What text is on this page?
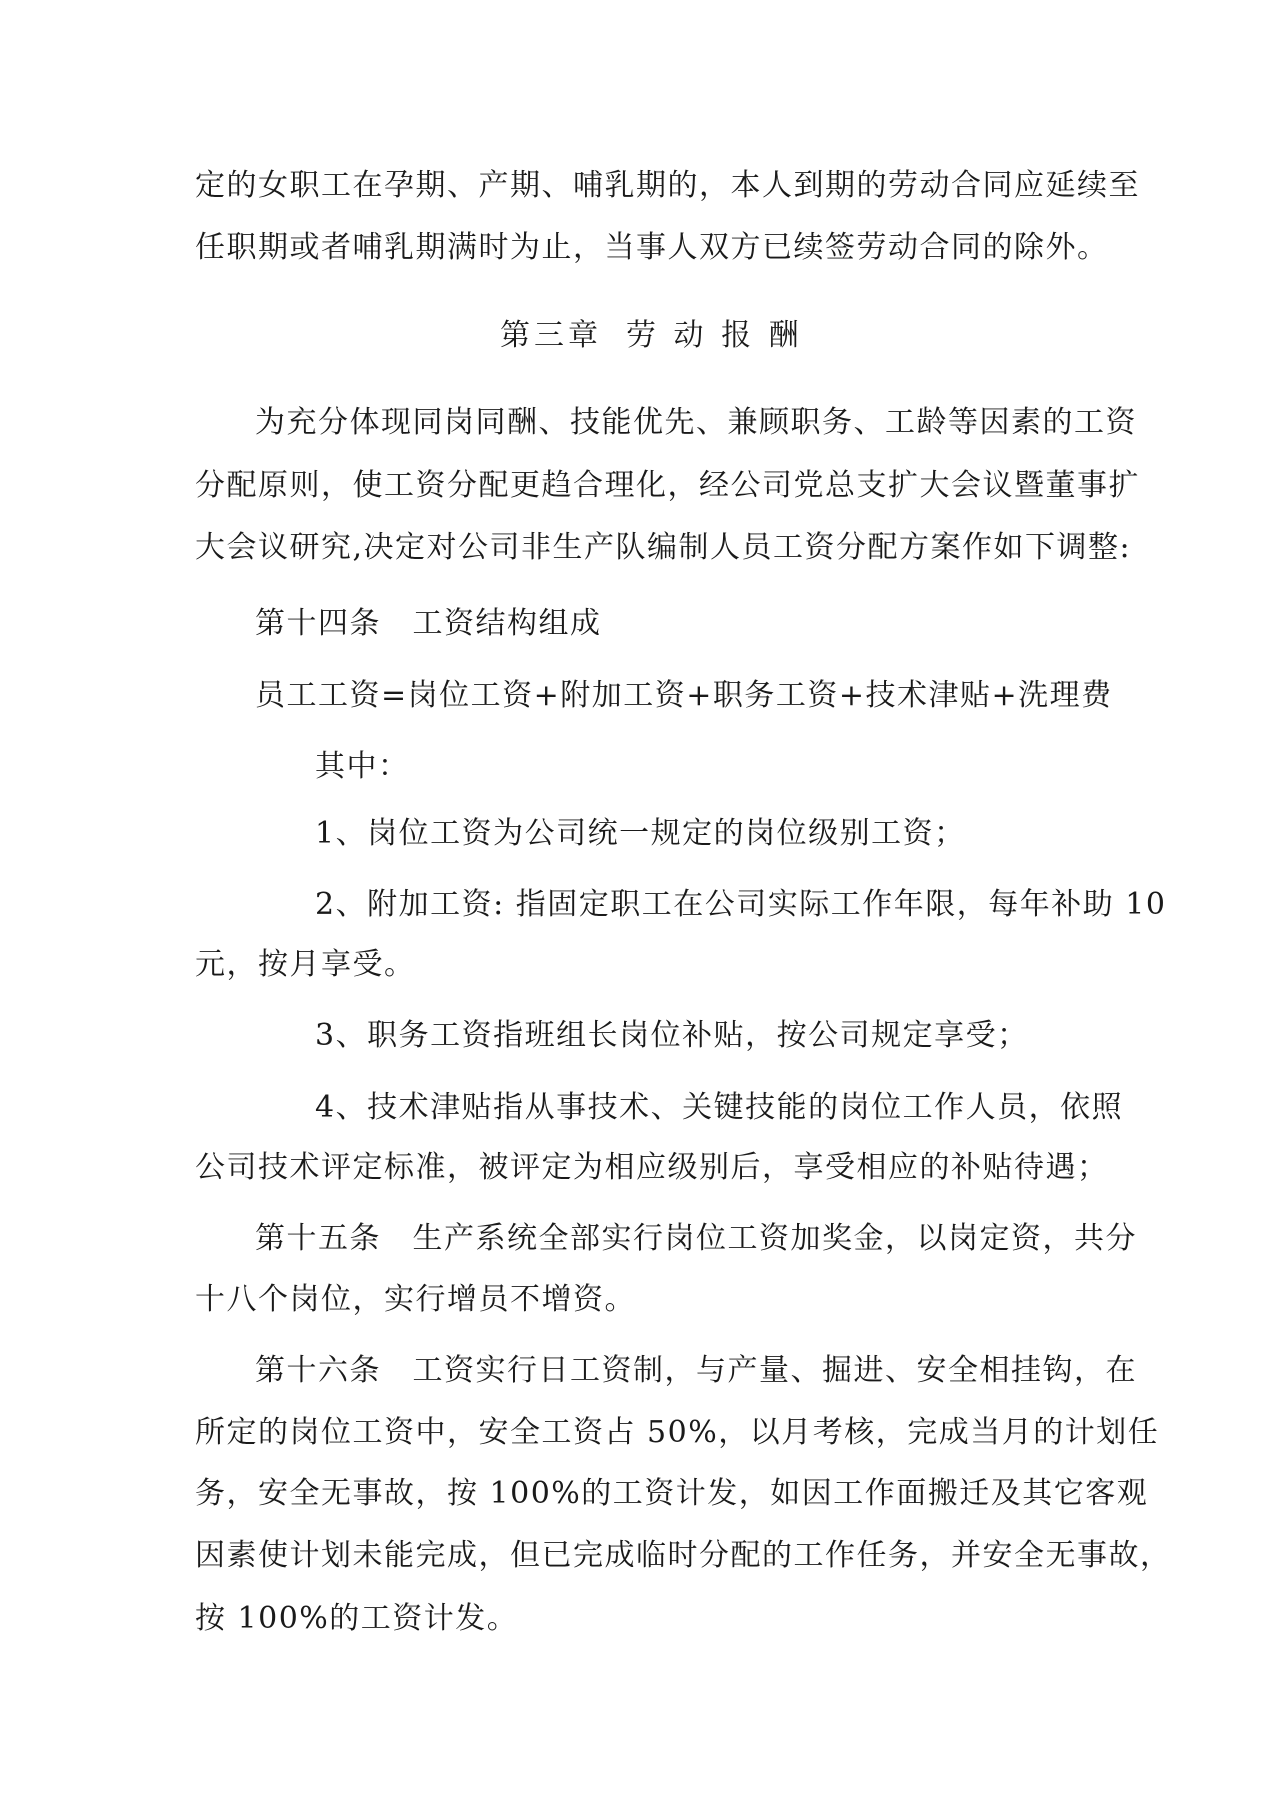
定的女职工在孕期、产期、哺乳期的，本人到期的劳动合同应延续至
任职期或者哺乳期满时为止，当事人双方已续签劳动合同的除外。
第三章 劳 动 报 酬
为充分体现同岗同酬、技能优先、兼顾职务、工龄等因素的工资
分配原则，使工资分配更趋合理化，经公司党总支扩大会议暨董事扩
大会议研究,决定对公司非生产队编制人员工资分配方案作如下调整:
第十四条　工资结构组成
员工工资=岗位工资+附加工资+职务工资+技术津贴+洗理费
其中：
1、岗位工资为公司统一规定的岗位级别工资；
2、附加工资: 指固定职工在公司实际工作年限，每年补助 10
元，按月享受。
3、职务工资指班组长岗位补贴，按公司规定享受；
4、技术津贴指从事技术、关键技能的岗位工作人员，依照
公司技术评定标准，被评定为相应级别后，享受相应的补贴待遇；
第十五条　生产系统全部实行岗位工资加奖金，以岗定资，共分
十八个岗位，实行增员不增资。
第十六条　工资实行日工资制，与产量、掘进、安全相挂钩，在
所定的岗位工资中，安全工资占 50%，以月考核，完成当月的计划任
务，安全无事故，按 100%的工资计发，如因工作面搬迁及其它客观
因素使计划未能完成，但已完成临时分配的工作任务，并安全无事故，
按 100%的工资计发。
